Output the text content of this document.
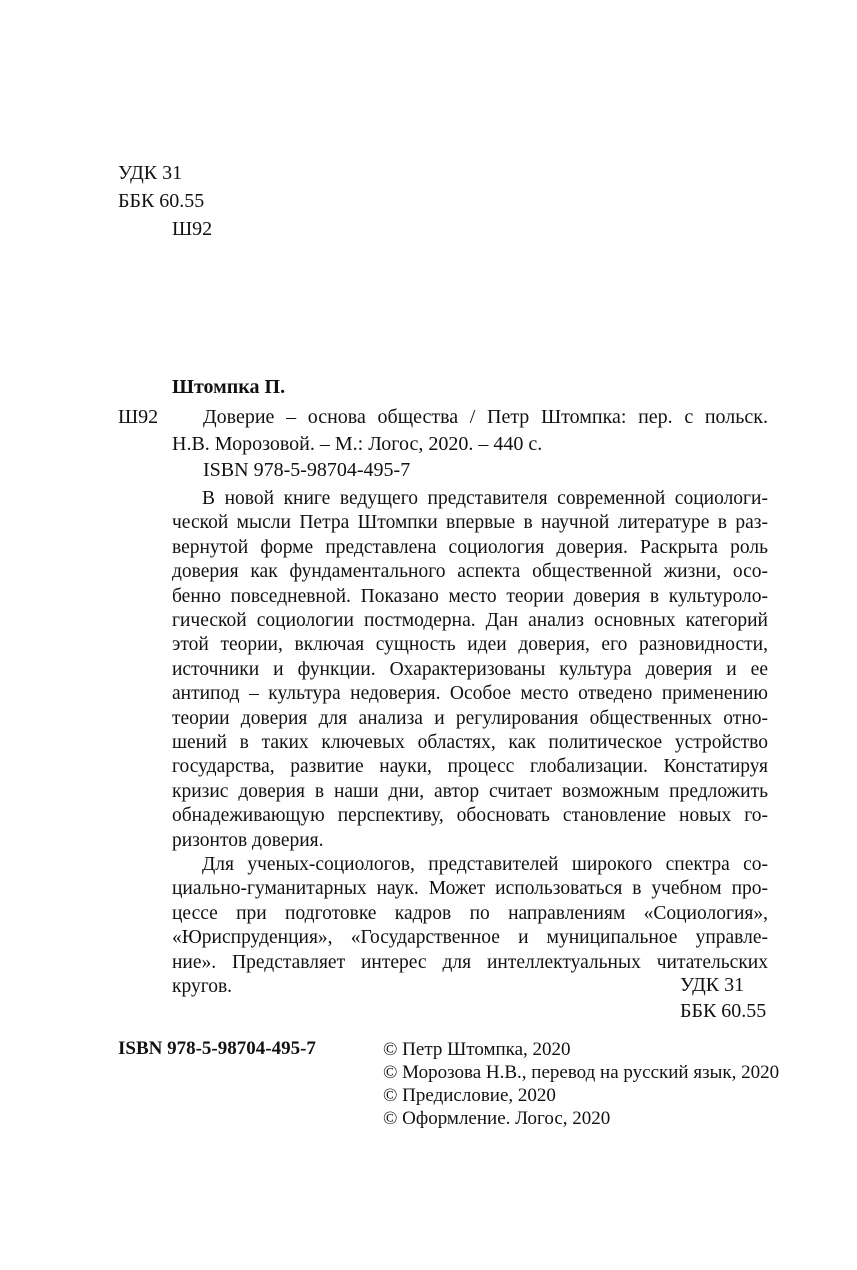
УДК 31
ББК 60.55
Ш92
Штомпка П.
Ш92 Доверие – основа общества / Петр Штомпка: пер. с польск.
Н.В. Морозовой. – М.: Логос, 2020. – 440 с.
ISBN 978-5-98704-495-7
В новой книге ведущего представителя современной социологи-
ческой мысли Петра Штомпки впервые в научной литературе в раз-
вернутой форме представлена социология доверия. Раскрыта роль
доверия как фундаментального аспекта общественной жизни, осо-
бенно повседневной. Показано место теории доверия в культуроло-
гической социологии постмодерна. Дан анализ основных категорий
этой теории, включая сущность идеи доверия, его разновидности,
источники и функции. Охарактеризованы культура доверия и ее
антипод – культура недоверия. Особое место отведено применению
теории доверия для анализа и регулирования общественных отно-
шений в таких ключевых областях, как политическое устройство
государства, развитие науки, процесс глобализации. Констатируя
кризис доверия в наши дни, автор считает возможным предложить
обнадеживающую перспективу, обосновать становление новых го-
ризонтов доверия.
Для ученых-социологов, представителей широкого спектра со-
циально-гуманитарных наук. Может использоваться в учебном про-
цессе при подготовке кадров по направлениям «Социология»,
«Юриспруденция», «Государственное и муниципальное управле-
ние». Представляет интерес для интеллектуальных читательских
кругов.	УДК 31
ББК 60.55
ISBN 978-5-98704-495-7	© Петр Штомпка, 2020
© Морозова Н.В., перевод на русский язык, 2020
© Предисловие, 2020
© Оформление. Логос, 2020
